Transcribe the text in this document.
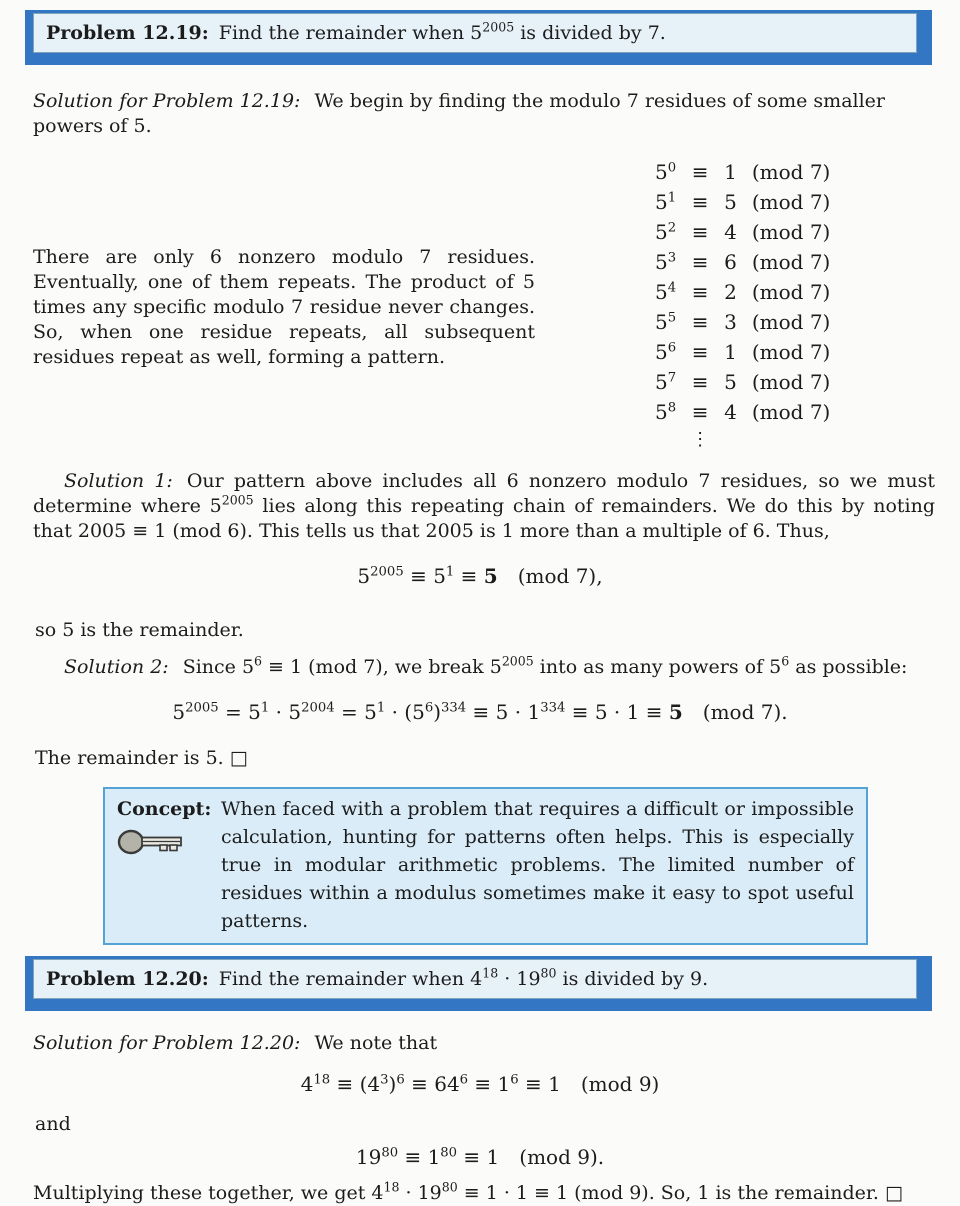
Problem 12.19: Find the remainder when $5^{2005}$ is divided by 7.

Solution for Problem 12.19: We begin by finding the modulo 7 residues of some smaller powers of 5.

There are only 6 nonzero modulo 7 residues. Eventually, one of them repeats. The product of 5 times any specific modulo 7 residue never changes. So, when one residue repeats, all subsequent residues repeat as well, forming a pattern.
$5^0 \equiv 1$ (mod 7)
$5^1 \equiv 5$ (mod 7)
$5^2 \equiv 4$ (mod 7)
$5^3 \equiv 6$ (mod 7)
$5^4 \equiv 2$ (mod 7)
$5^5 \equiv 3$ (mod 7)
$5^6 \equiv 1$ (mod 7)
$5^7 \equiv 5$ (mod 7)
$5^8 \equiv 4$ (mod 7)
⋮

Solution 1: Our pattern above includes all 6 nonzero modulo 7 residues, so we must determine where $5^{2005}$ lies along this repeating chain of remainders. We do this by noting that 2005 ≡ 1 (mod 6). This tells us that 2005 is 1 more than a multiple of 6. Thus,

$5^{2005} \equiv 5^1 \equiv 5$ (mod 7),

so 5 is the remainder.

Solution 2: Since $5^6 \equiv 1$ (mod 7), we break $5^{2005}$ into as many powers of $5^6$ as possible:

$5^{2005} = 5^1 \cdot 5^{2004} = 5^1 \cdot (5^6)^{334} \equiv 5 \cdot 1^{334} \equiv 5 \cdot 1 \equiv 5$ (mod 7).

The remainder is 5. □

Concept: When faced with a problem that requires a difficult or impossible calculation, hunting for patterns often helps. This is especially true in modular arithmetic problems. The limited number of residues within a modulus sometimes make it easy to spot useful patterns.
Problem 12.20: Find the remainder when $4^{18} \cdot 19^{80}$ is divided by 9.

Solution for Problem 12.20: We note that

$4^{18} \equiv (4^3)^6 \equiv 64^6 \equiv 1^6 \equiv 1$ (mod 9)

and

$19^{80} \equiv 1^{80} \equiv 1$ (mod 9).

Multiplying these together, we get $4^{18} \cdot 19^{80} \equiv 1 \cdot 1 \equiv 1$ (mod 9). So, 1 is the remainder. □
